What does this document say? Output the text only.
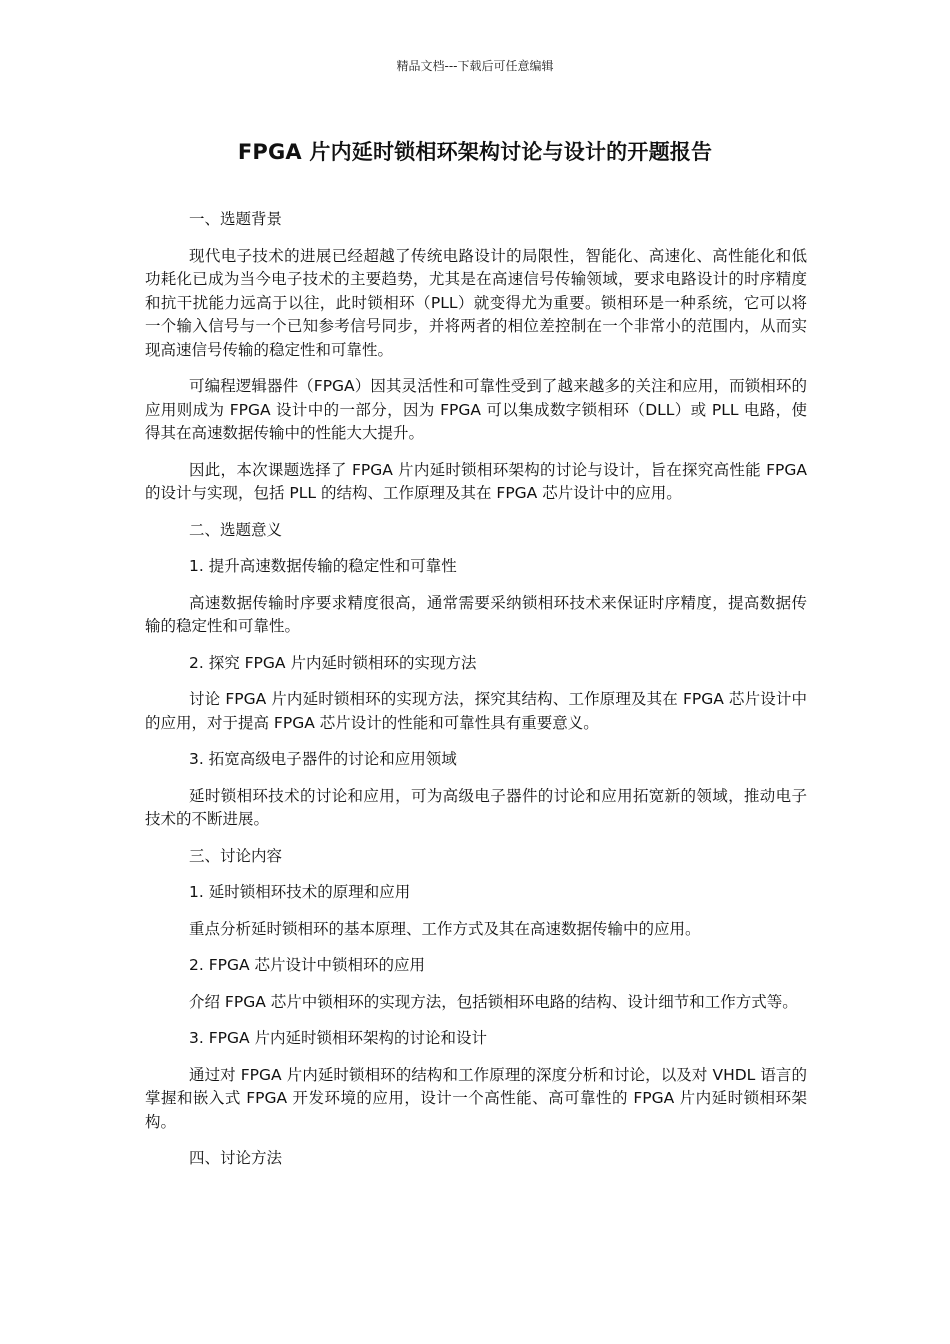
精品文档---下载后可任意编辑
FPGA 片内延时锁相环架构讨论与设计的开题报告
一、选题背景

现代电子技术的进展已经超越了传统电路设计的局限性，智能化、高速化、高性能化和低功耗化已成为当今电子技术的主要趋势，尤其是在高速信号传输领域，要求电路设计的时序精度和抗干扰能力远高于以往，此时锁相环（PLL）就变得尤为重要。锁相环是一种系统，它可以将一个输入信号与一个已知参考信号同步，并将两者的相位差控制在一个非常小的范围内，从而实现高速信号传输的稳定性和可靠性。

可编程逻辑器件（FPGA）因其灵活性和可靠性受到了越来越多的关注和应用，而锁相环的应用则成为 FPGA 设计中的一部分，因为 FPGA 可以集成数字锁相环（DLL）或 PLL 电路，使得其在高速数据传输中的性能大大提升。

因此，本次课题选择了 FPGA 片内延时锁相环架构的讨论与设计，旨在探究高性能 FPGA 的设计与实现，包括 PLL 的结构、工作原理及其在 FPGA 芯片设计中的应用。

二、选题意义
1. 提升高速数据传输的稳定性和可靠性

高速数据传输时序要求精度很高，通常需要采纳锁相环技术来保证时序精度，提高数据传输的稳定性和可靠性。

2. 探究 FPGA 片内延时锁相环的实现方法

讨论 FPGA 片内延时锁相环的实现方法，探究其结构、工作原理及其在 FPGA 芯片设计中的应用，对于提高 FPGA 芯片设计的性能和可靠性具有重要意义。

3. 拓宽高级电子器件的讨论和应用领域

延时锁相环技术的讨论和应用，可为高级电子器件的讨论和应用拓宽新的领域，推动电子技术的不断进展。

三、讨论内容
1. 延时锁相环技术的原理和应用

重点分析延时锁相环的基本原理、工作方式及其在高速数据传输中的应用。

2. FPGA 芯片设计中锁相环的应用

介绍 FPGA 芯片中锁相环的实现方法，包括锁相环电路的结构、设计细节和工作方式等。

3. FPGA 片内延时锁相环架构的讨论和设计

通过对 FPGA 片内延时锁相环的结构和工作原理的深度分析和讨论，以及对 VHDL 语言的掌握和嵌入式 FPGA 开发环境的应用，设计一个高性能、高可靠性的 FPGA 片内延时锁相环架构。

四、讨论方法
